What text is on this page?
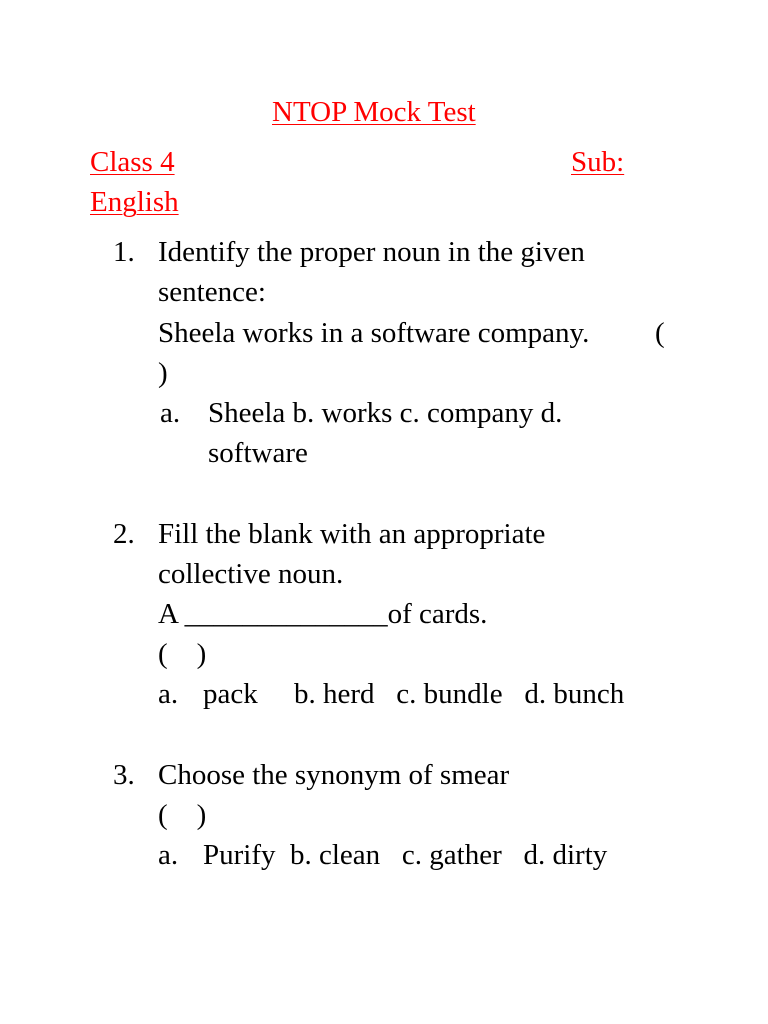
NTOP Mock Test
Class 4	Sub:
English
1. Identify the proper noun in the given
sentence:
Sheela works in a software company. (
)
a. Sheela b. works c. company d.
software
2. Fill the blank with an appropriate
collective noun.
A ______________of cards.
(    )
a. pack     b. herd   c. bundle   d. bunch
3. Choose the synonym of smear
(    )
a. Purify  b. clean   c. gather   d. dirty
